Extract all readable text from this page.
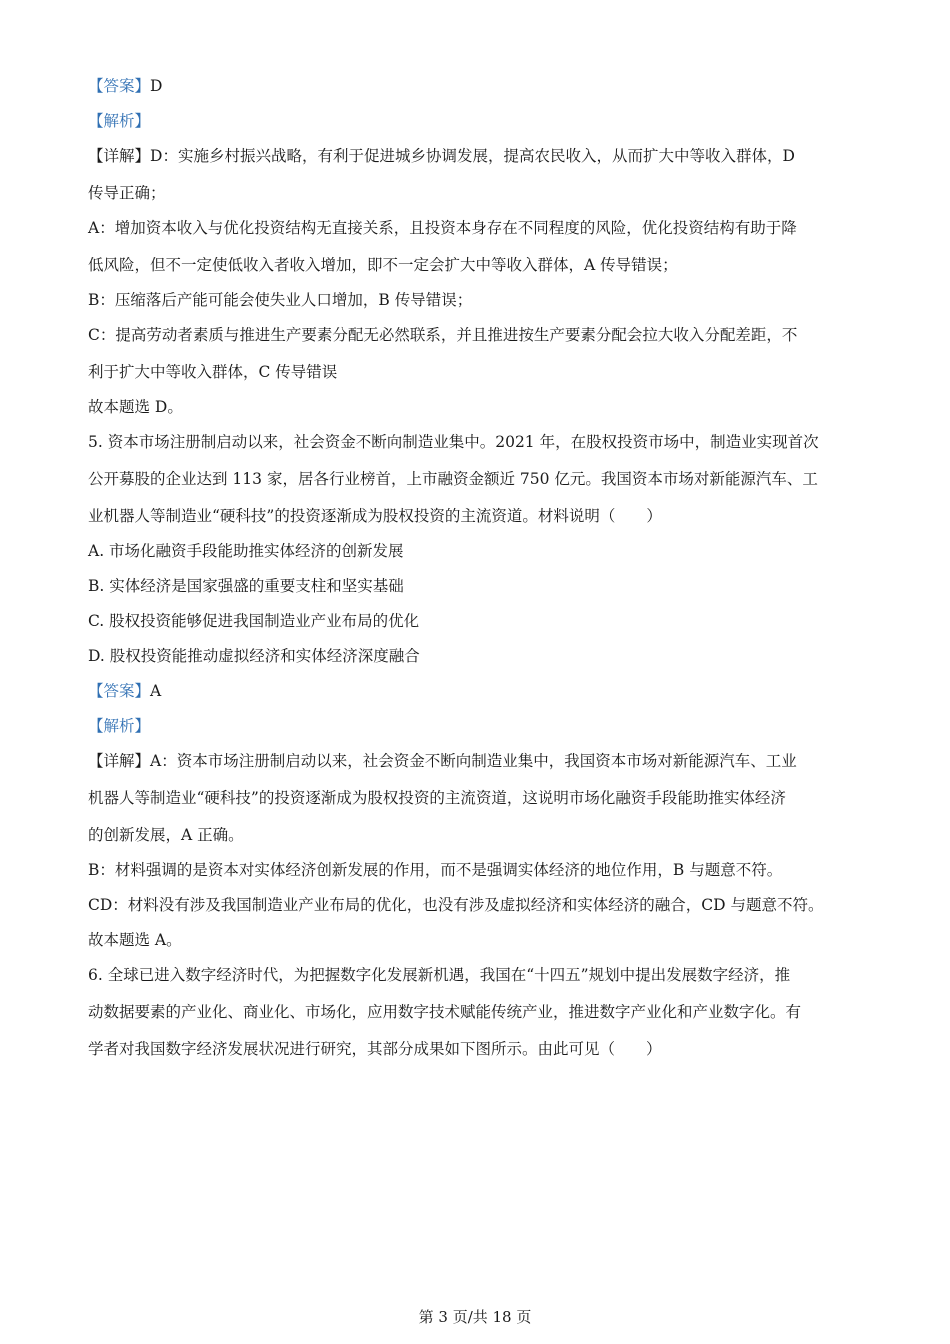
【答案】D
【解析】
【详解】D：实施乡村振兴战略，有利于促进城乡协调发展，提高农民收入，从而扩大中等收入群体，D
传导正确；
A：增加资本收入与优化投资结构无直接关系，且投资本身存在不同程度的风险，优化投资结构有助于降
低风险，但不一定使低收入者收入增加，即不一定会扩大中等收入群体，A 传导错误；
B：压缩落后产能可能会使失业人口增加，B 传导错误；
C：提高劳动者素质与推进生产要素分配无必然联系，并且推进按生产要素分配会拉大收入分配差距，不
利于扩大中等收入群体，C 传导错误
故本题选 D。
5. 资本市场注册制启动以来，社会资金不断向制造业集中。2021 年，在股权投资市场中，制造业实现首次
公开募股的企业达到 113 家，居各行业榜首，上市融资金额近 750 亿元。我国资本市场对新能源汽车、工
业机器人等制造业“硬科技”的投资逐渐成为股权投资的主流资道。材料说明（　　）
A. 市场化融资手段能助推实体经济的创新发展
B. 实体经济是国家强盛的重要支柱和坚实基础
C. 股权投资能够促进我国制造业产业布局的优化
D. 股权投资能推动虚拟经济和实体经济深度融合
【答案】A
【解析】
【详解】A：资本市场注册制启动以来，社会资金不断向制造业集中，我国资本市场对新能源汽车、工业
机器人等制造业“硬科技”的投资逐渐成为股权投资的主流资道，这说明市场化融资手段能助推实体经济
的创新发展，A 正确。
B：材料强调的是资本对实体经济创新发展的作用，而不是强调实体经济的地位作用，B 与题意不符。
CD：材料没有涉及我国制造业产业布局的优化，也没有涉及虚拟经济和实体经济的融合，CD 与题意不符。
故本题选 A。
6. 全球已进入数字经济时代，为把握数字化发展新机遇，我国在“十四五”规划中提出发展数字经济，推
动数据要素的产业化、商业化、市场化，应用数字技术赋能传统产业，推进数字产业化和产业数字化。有
学者对我国数字经济发展状况进行研究，其部分成果如下图所示。由此可见（　　）
第 3 页/共 18 页
